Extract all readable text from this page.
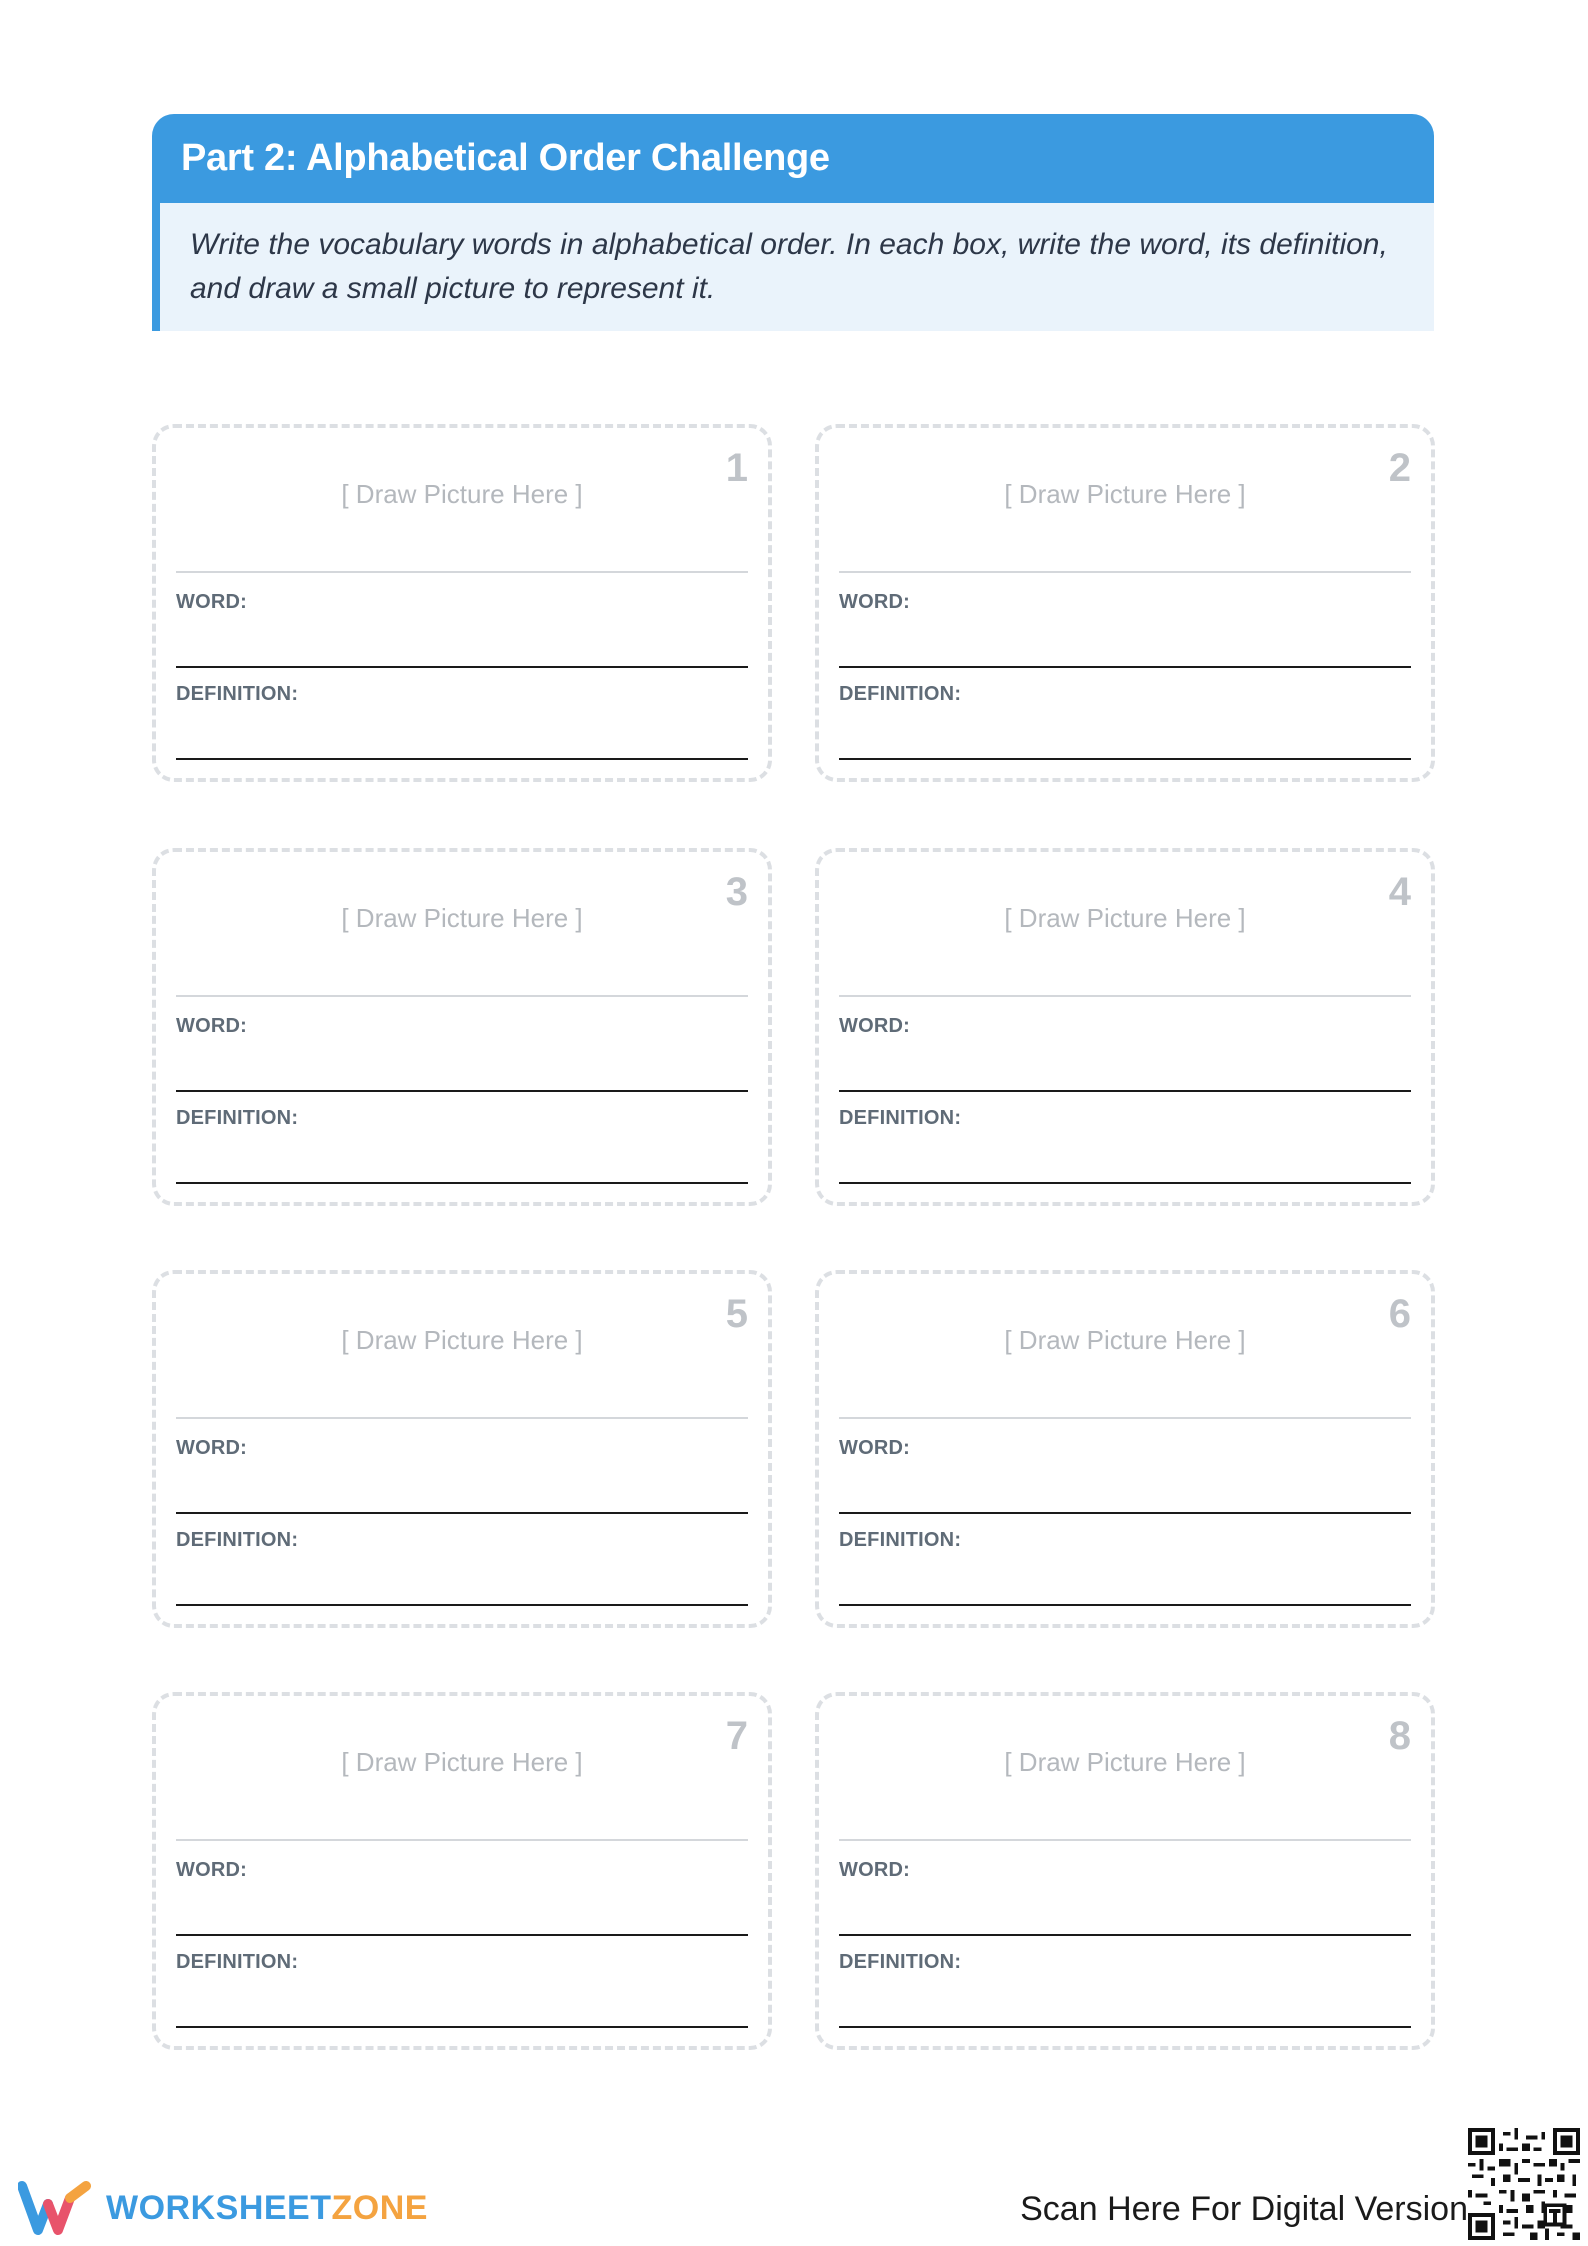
Part 2: Alphabetical Order Challenge
Write the vocabulary words in alphabetical order. In each box, write the word, its definition, and draw a small picture to represent it.
1
[ Draw Picture Here ]
WORD:
DEFINITION:
2
[ Draw Picture Here ]
WORD:
DEFINITION:
3
[ Draw Picture Here ]
WORD:
DEFINITION:
4
[ Draw Picture Here ]
WORD:
DEFINITION:
5
[ Draw Picture Here ]
WORD:
DEFINITION:
6
[ Draw Picture Here ]
WORD:
DEFINITION:
7
[ Draw Picture Here ]
WORD:
DEFINITION:
8
[ Draw Picture Here ]
WORD:
DEFINITION:
WORKSHEETZONE	Scan Here For Digital Version
